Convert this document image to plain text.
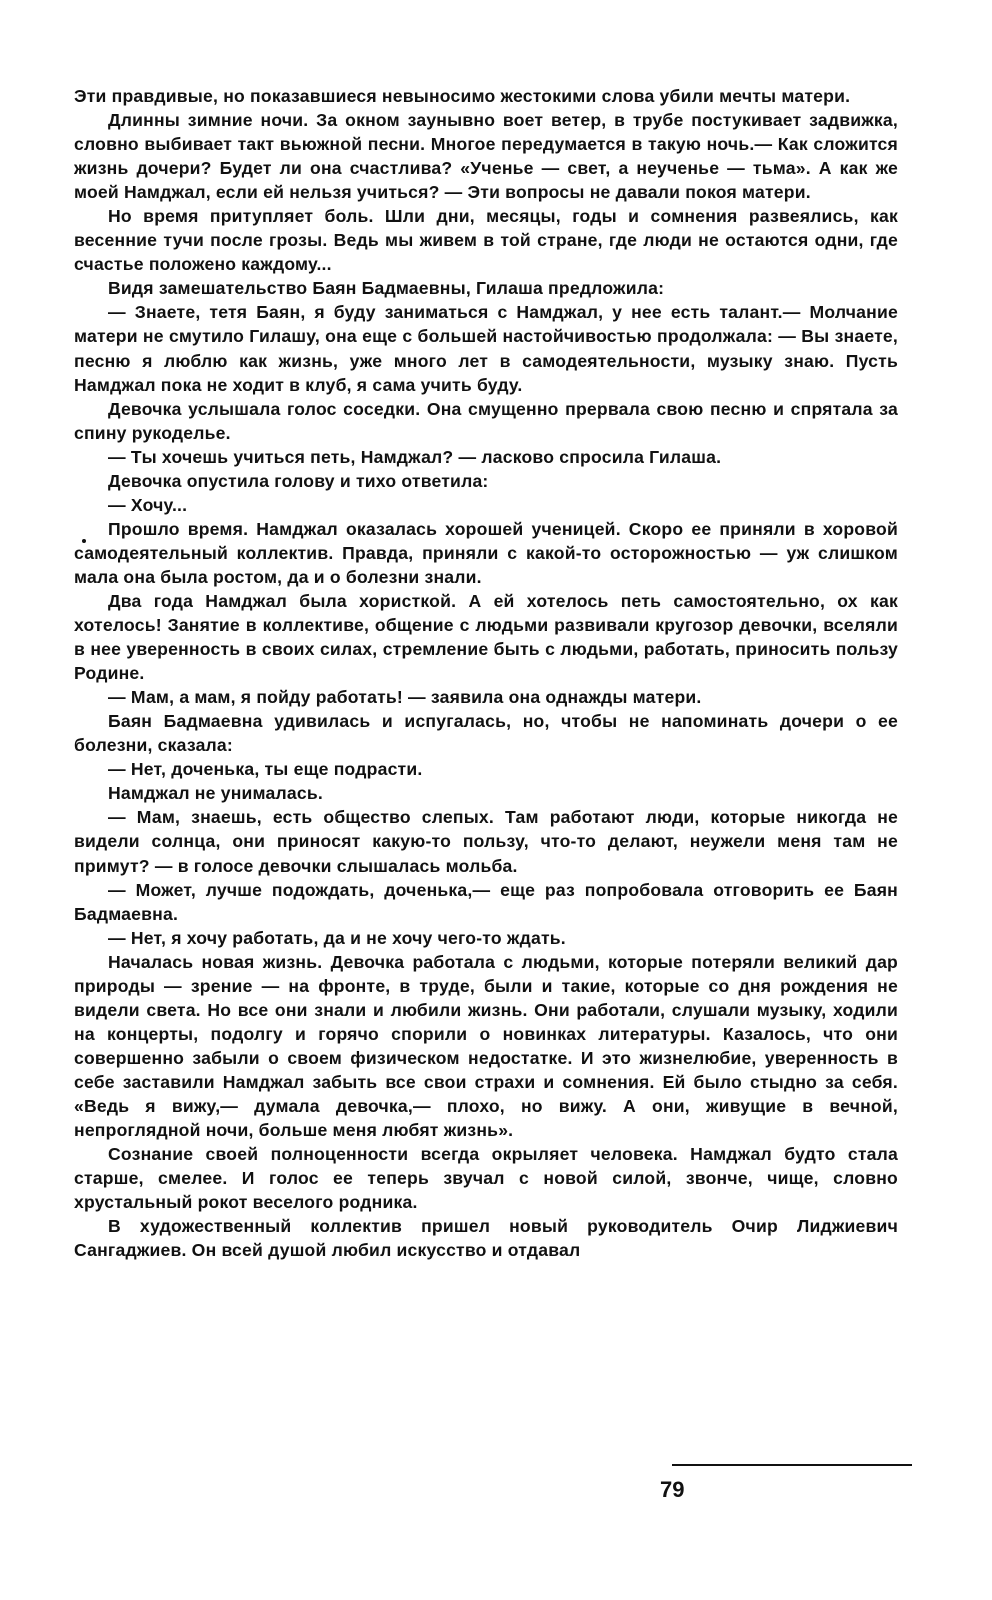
Эти правдивые, но показавшиеся невыносимо жестокими слова убили мечты матери.

Длинны зимние ночи. За окном заунывно воет ветер, в трубе постукивает задвижка, словно выбивает такт вьюжной песни. Многое передумается в такую ночь.— Как сложится жизнь дочери? Будет ли она счастлива? «Ученье — свет, а неученье — тьма». А как же моей Намджал, если ей нельзя учиться? — Эти вопросы не давали покоя матери.

Но время притупляет боль. Шли дни, месяцы, годы и сомнения развеялись, как весенние тучи после грозы. Ведь мы живем в той стране, где люди не остаются одни, где счастье положено каждому...

Видя замешательство Баян Бадмаевны, Гилаша предложила:

— Знаете, тетя Баян, я буду заниматься с Намджал, у нее есть талант.— Молчание матери не смутило Гилашу, она еще с большей настойчивостью продолжала: — Вы знаете, песню я люблю как жизнь, уже много лет в самодеятельности, музыку знаю. Пусть Намджал пока не ходит в клуб, я сама учить буду.

Девочка услышала голос соседки. Она смущенно прервала свою песню и спрятала за спину рукоделье.

— Ты хочешь учиться петь, Намджал? — ласково спросила Гилаша.

Девочка опустила голову и тихо ответила:

— Хочу...

Прошло время. Намджал оказалась хорошей ученицей. Скоро ее приняли в хоровой самодеятельный коллектив. Правда, приняли с какой-то осторожностью — уж слишком мала она была ростом, да и о болезни знали.

Два года Намджал была хористкой. А ей хотелось петь самостоятельно, ох как хотелось! Занятие в коллективе, общение с людьми развивали кругозор девочки, вселяли в нее уверенность в своих силах, стремление быть с людьми, работать, приносить пользу Родине.

— Мам, а мам, я пойду работать! — заявила она однажды матери.

Баян Бадмаевна удивилась и испугалась, но, чтобы не напоминать дочери о ее болезни, сказала:

— Нет, доченька, ты еще подрасти.

Намджал не унималась.

— Мам, знаешь, есть общество слепых. Там работают люди, которые никогда не видели солнца, они приносят какую-то пользу, что-то делают, неужели меня там не примут? — в голосе девочки слышалась мольба.

— Может, лучше подождать, доченька,— еще раз попробовала отговорить ее Баян Бадмаевна.

— Нет, я хочу работать, да и не хочу чего-то ждать.

Началась новая жизнь. Девочка работала с людьми, которые потеряли великий дар природы — зрение — на фронте, в труде, были и такие, которые со дня рождения не видели света. Но все они знали и любили жизнь. Они работали, слушали музыку, ходили на концерты, подолгу и горячо спорили о новинках литературы. Казалось, что они совершенно забыли о своем физическом недостатке. И это жизнелюбие, уверенность в себе заставили Намджал забыть все свои страхи и сомнения. Ей было стыдно за себя. «Ведь я вижу,— думала девочка,— плохо, но вижу. А они, живущие в вечной, непроглядной ночи, больше меня любят жизнь».

Сознание своей полноценности всегда окрыляет человека. Намджал будто стала старше, смелее. И голос ее теперь звучал с новой силой, звонче, чище, словно хрустальный рокот веселого родника.

В художественный коллектив пришел новый руководитель Очир Лиджиевич Сангаджиев. Он всей душой любил искусство и отдавал

79
